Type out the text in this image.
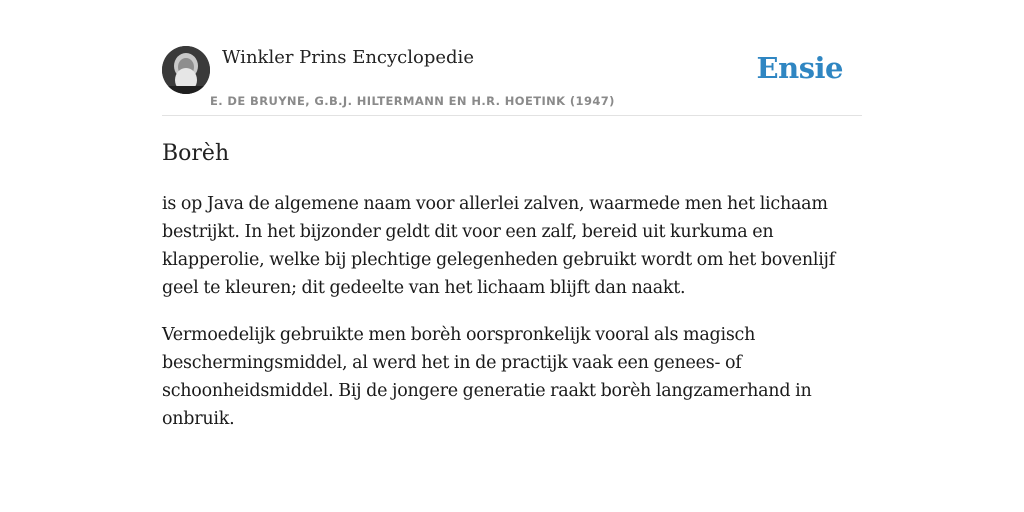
Winkler Prins Encyclopedie
E. DE BRUYNE, G.B.J. HILTERMANN EN H.R. HOETINK (1947)
Ensie
Borèh

is op Java de algemene naam voor allerlei zalven, waarmede men het lichaam bestrijkt. In het bijzonder geldt dit voor een zalf, bereid uit kurkuma en klapperolie, welke bij plechtige gelegenheden gebruikt wordt om het bovenlijf geel te kleuren; dit gedeelte van het lichaam blijft dan naakt.

Vermoedelijk gebruikte men borèh oorspronkelijk vooral als magisch beschermingsmiddel, al werd het in de practijk vaak een genees- of schoonheidsmiddel. Bij de jongere generatie raakt borèh langzamerhand in onbruik.
